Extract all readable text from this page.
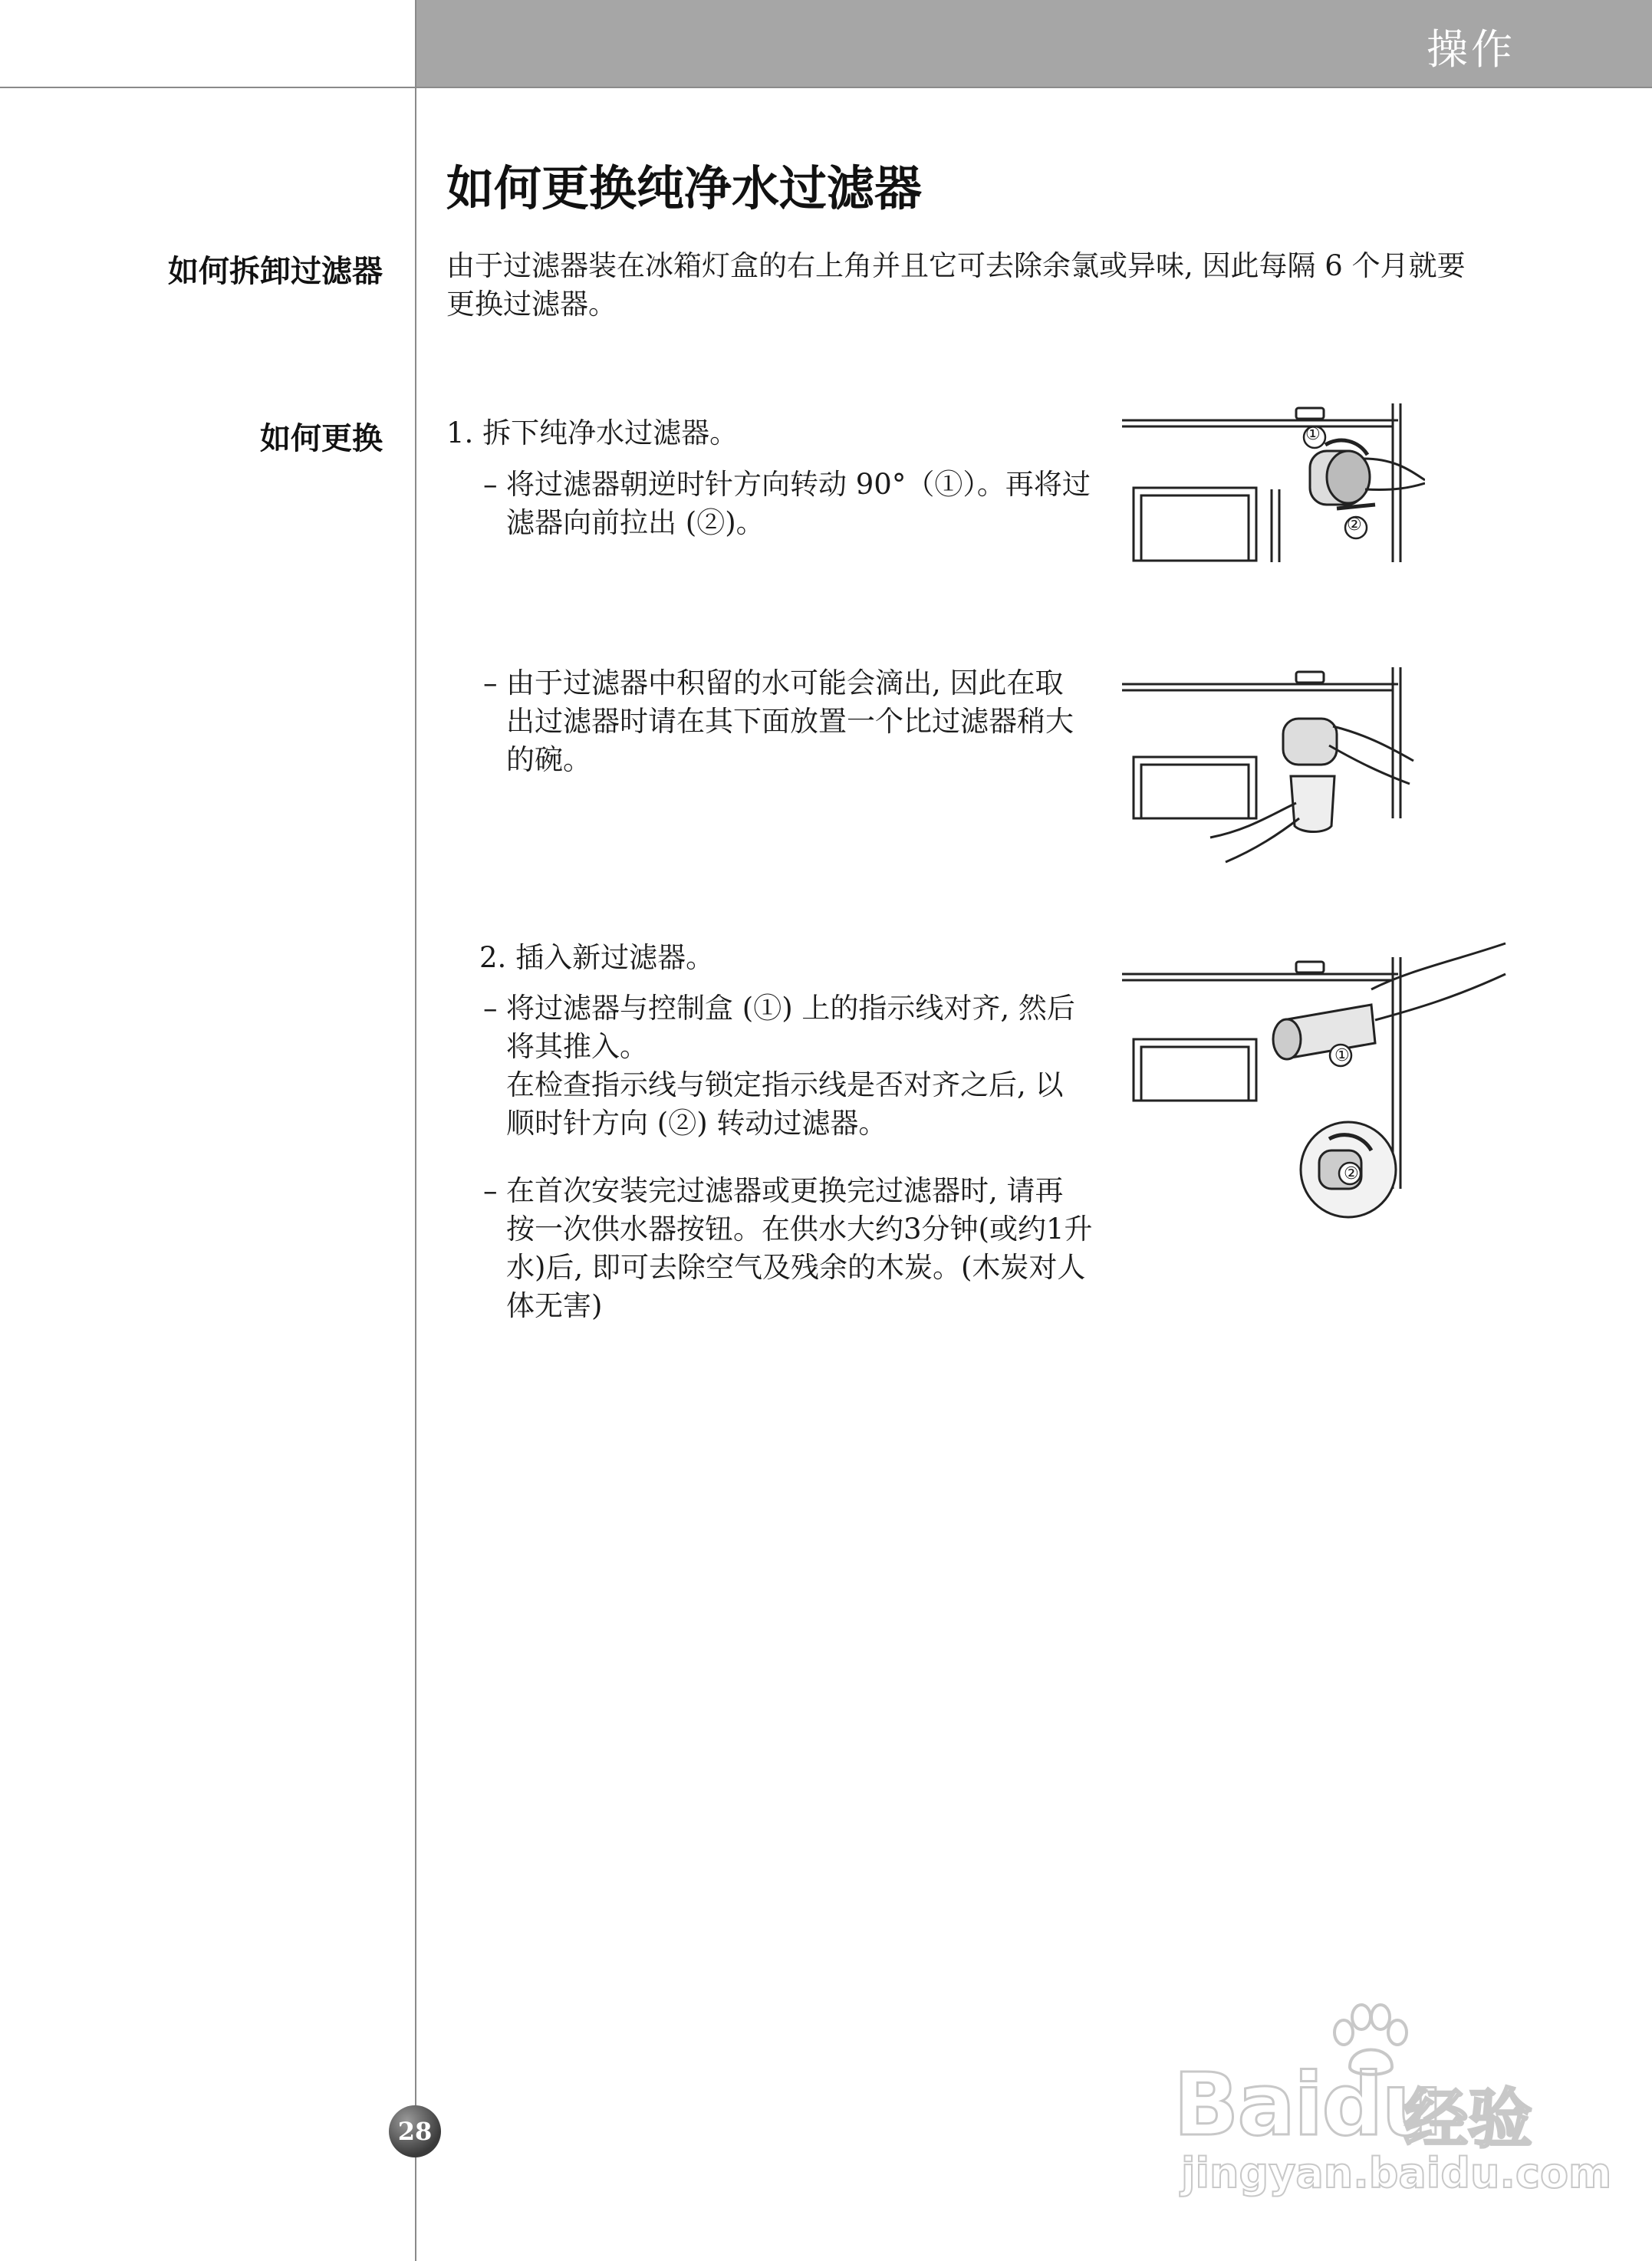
操作
如何更换纯净水过滤器
如何拆卸过滤器
如何更换
由于过滤器装在冰箱灯盒的右上角并且它可去除余氯或异味, 因此每隔 6 个月就要
更换过滤器。
1. 拆下纯净水过滤器。
– 将过滤器朝逆时针方向转动 90°（①）。再将过
滤器向前拉出 (②)。
– 由于过滤器中积留的水可能会滴出, 因此在取
出过滤器时请在其下面放置一个比过滤器稍大
的碗。
2. 插入新过滤器。
– 将过滤器与控制盒 (①) 上的指示线对齐, 然后
将其推入。
在检查指示线与锁定指示线是否对齐之后, 以
顺时针方向 (②) 转动过滤器。
– 在首次安装完过滤器或更换完过滤器时, 请再
按一次供水器按钮。在供水大约3分钟(或约1升
水)后, 即可去除空气及残余的木炭。(木炭对人
体无害)
①
②
①
②
28	Baidu
经验
jingyan.baidu.com
